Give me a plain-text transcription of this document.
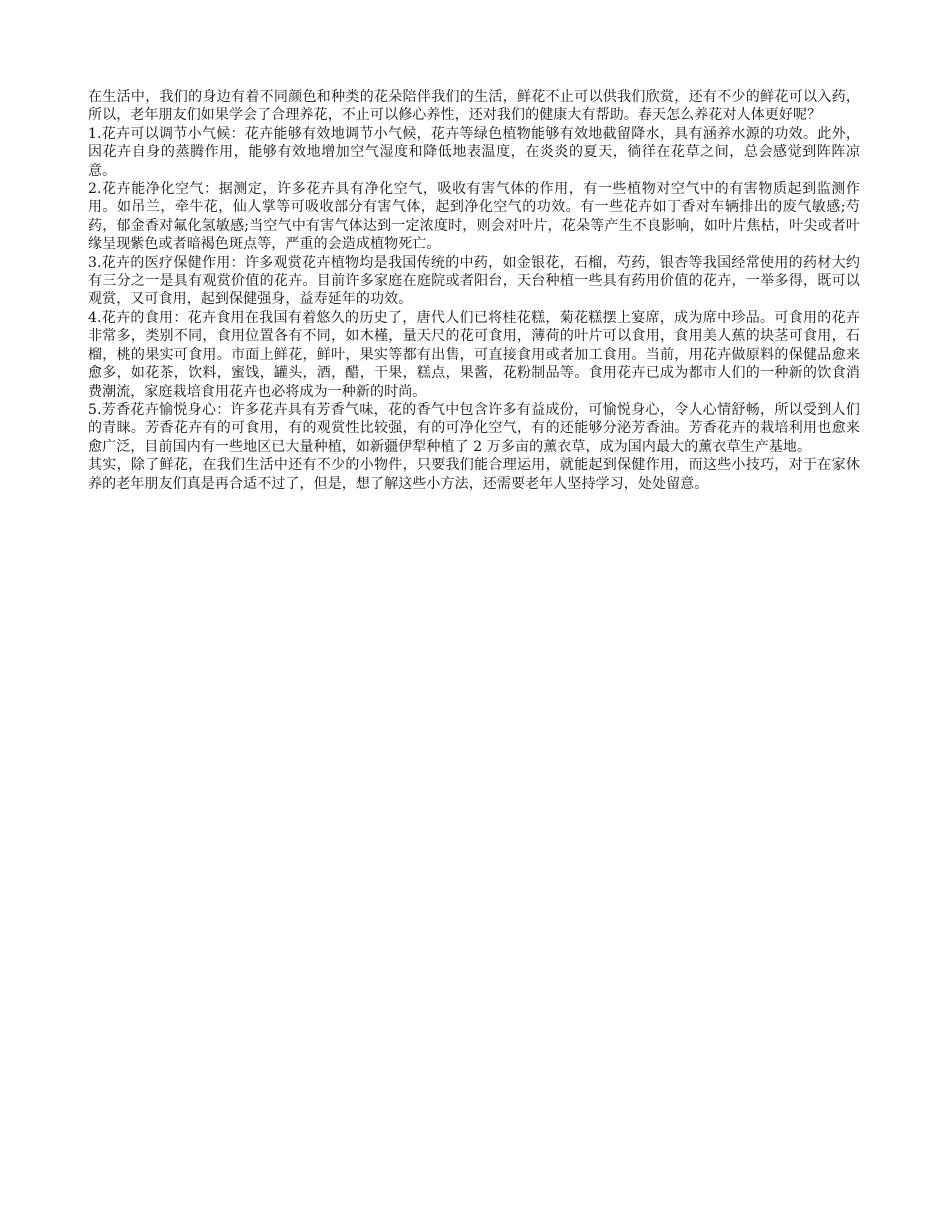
在生活中，我们的身边有着不同颜色和种类的花朵陪伴我们的生活，鲜花不止可以供我们欣赏，还有不少的鲜花可以入药，所以，老年朋友们如果学会了合理养花，不止可以修心养性，还对我们的健康大有帮助。春天怎么养花对人体更好呢？

1.花卉可以调节小气候：花卉能够有效地调节小气候，花卉等绿色植物能够有效地截留降水，具有涵养水源的功效。此外，因花卉自身的蒸腾作用，能够有效地增加空气湿度和降低地表温度，在炎炎的夏天，徜徉在花草之间，总会感觉到阵阵凉意。

2.花卉能净化空气：据测定，许多花卉具有净化空气，吸收有害气体的作用，有一些植物对空气中的有害物质起到监测作用。如吊兰，牵牛花，仙人掌等可吸收部分有害气体，起到净化空气的功效。有一些花卉如丁香对车辆排出的废气敏感;芍药，郁金香对氟化氢敏感;当空气中有害气体达到一定浓度时，则会对叶片，花朵等产生不良影响，如叶片焦枯，叶尖或者叶缘呈现紫色或者暗褐色斑点等，严重的会造成植物死亡。

3.花卉的医疗保健作用：许多观赏花卉植物均是我国传统的中药，如金银花，石榴，芍药，银杏等我国经常使用的药材大约有三分之一是具有观赏价值的花卉。目前许多家庭在庭院或者阳台，天台种植一些具有药用价值的花卉，一举多得，既可以观赏，又可食用，起到保健强身，益寿延年的功效。

4.花卉的食用：花卉食用在我国有着悠久的历史了，唐代人们已将桂花糕，菊花糕摆上宴席，成为席中珍品。可食用的花卉非常多，类别不同，食用位置各有不同，如木槿，量天尺的花可食用，薄荷的叶片可以食用，食用美人蕉的块茎可食用，石榴，桃的果实可食用。市面上鲜花，鲜叶，果实等都有出售，可直接食用或者加工食用。当前，用花卉做原料的保健品愈来愈多，如花茶，饮料，蜜饯，罐头，酒，醋，干果，糕点，果酱，花粉制品等。食用花卉已成为都市人们的一种新的饮食消费潮流，家庭栽培食用花卉也必将成为一种新的时尚。

5.芳香花卉愉悦身心：许多花卉具有芳香气味，花的香气中包含许多有益成份，可愉悦身心，令人心情舒畅，所以受到人们的青睐。芳香花卉有的可食用，有的观赏性比较强，有的可净化空气，有的还能够分泌芳香油。芳香花卉的栽培利用也愈来愈广泛，目前国内有一些地区已大量种植，如新疆伊犁种植了 2 万多亩的薰衣草，成为国内最大的薰衣草生产基地。

其实，除了鲜花，在我们生活中还有不少的小物件，只要我们能合理运用，就能起到保健作用，而这些小技巧，对于在家休养的老年朋友们真是再合适不过了，但是，想了解这些小方法，还需要老年人坚持学习，处处留意。
